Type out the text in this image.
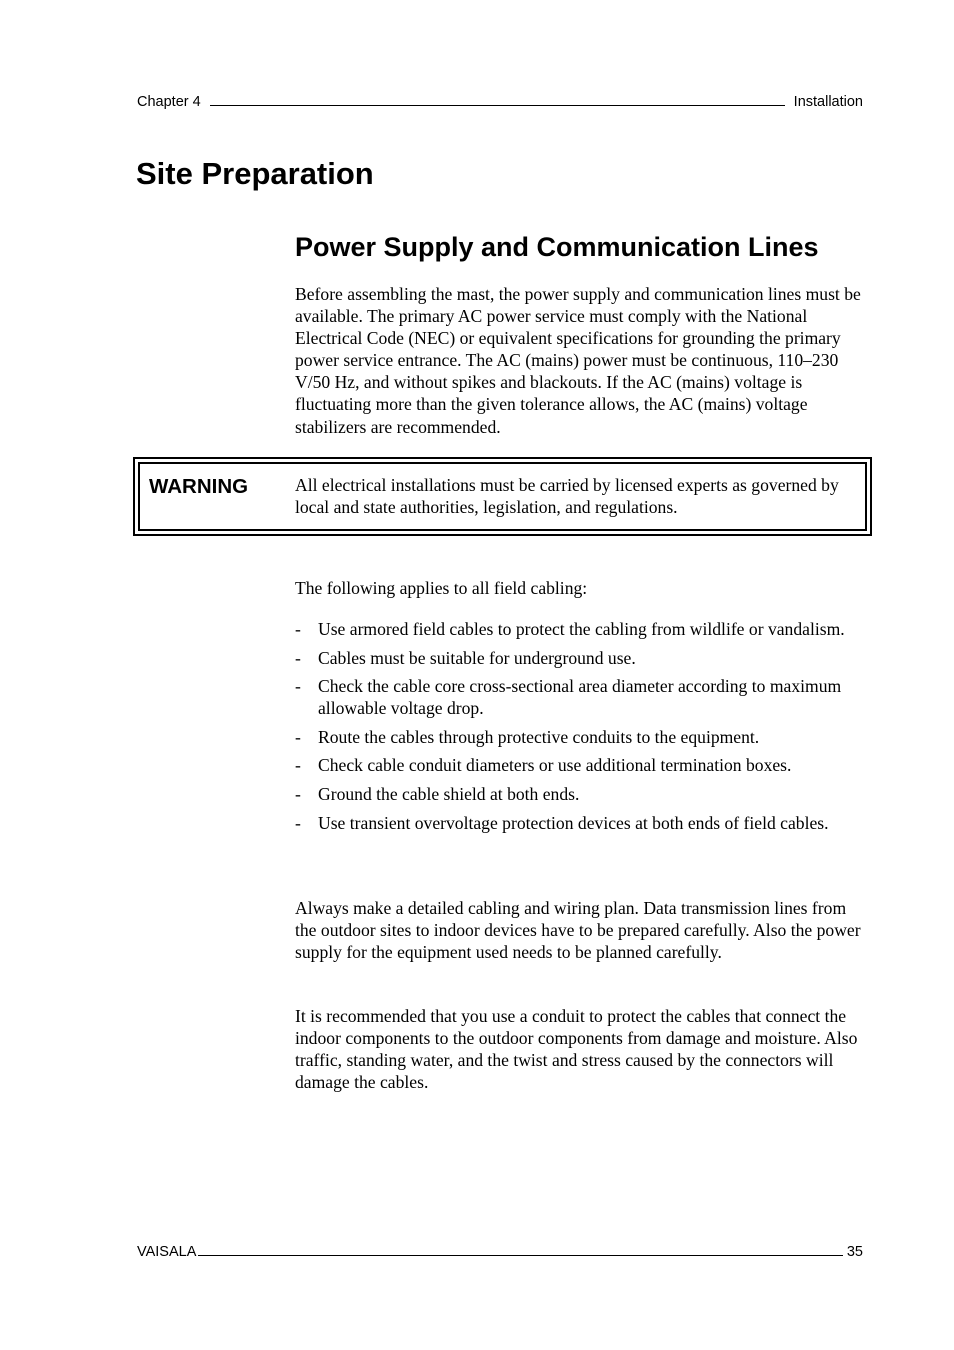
Chapter 4	Installation
Site Preparation
Power Supply and Communication Lines

Before assembling the mast, the power supply and communication lines must be available. The primary AC power service must comply with the National Electrical Code (NEC) or equivalent specifications for grounding the primary power service entrance. The AC (mains) power must be continuous, 110–230 V/50 Hz, and without spikes and blackouts. If the AC (mains) voltage is fluctuating more than the given tolerance allows, the AC (mains) voltage stabilizers are recommended.

WARNING	All electrical installations must be carried by licensed experts as governed by local and state authorities, legislation, and regulations.

The following applies to all field cabling:

- Use armored field cables to protect the cabling from wildlife or vandalism.
- Cables must be suitable for underground use.
- Check the cable core cross-sectional area diameter according to maximum allowable voltage drop.
- Route the cables through protective conduits to the equipment.
- Check cable conduit diameters or use additional termination boxes.
- Ground the cable shield at both ends.
- Use transient overvoltage protection devices at both ends of field cables.

Always make a detailed cabling and wiring plan. Data transmission lines from the outdoor sites to indoor devices have to be prepared carefully. Also the power supply for the equipment used needs to be planned carefully.

It is recommended that you use a conduit to protect the cables that connect the indoor components to the outdoor components from damage and moisture. Also traffic, standing water, and the twist and stress caused by the connectors will damage the cables.

VAISALA	35
